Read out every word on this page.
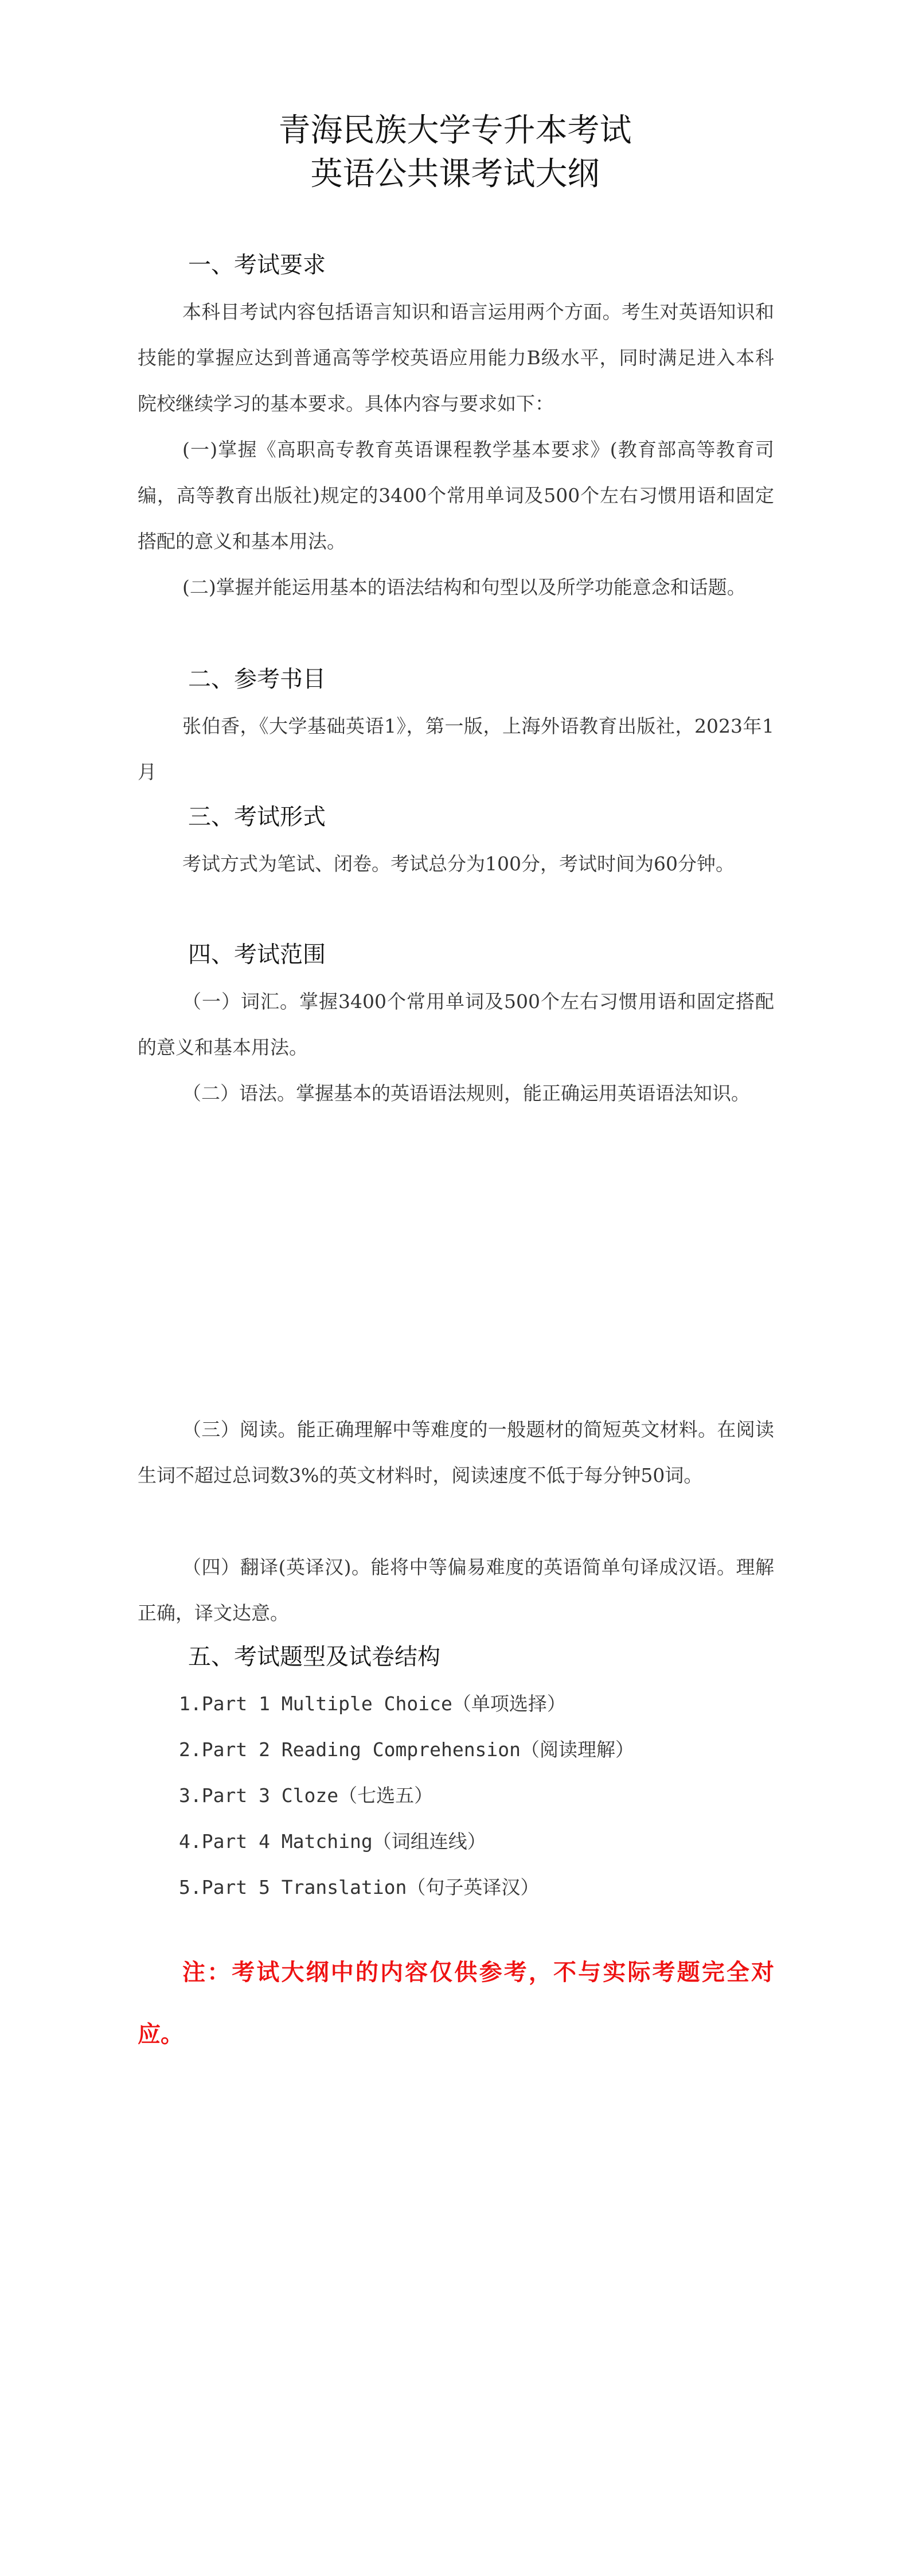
青海民族大学专升本考试
英语公共课考试大纲
一、考试要求

本科目考试内容包括语言知识和语言运用两个方面。考生对英语知识和技能的掌握应达到普通高等学校英语应用能力B级水平，同时满足进入本科院校继续学习的基本要求。具体内容与要求如下：

(一)掌握《高职高专教育英语课程教学基本要求》(教育部高等教育司编，高等教育出版社)规定的3400个常用单词及500个左右习惯用语和固定搭配的意义和基本用法。

(二)掌握并能运用基本的语法结构和句型以及所学功能意念和话题。

二、参考书目

张伯香，《大学基础英语1》，第一版，上海外语教育出版社，2023年1月

三、考试形式

考试方式为笔试、闭卷。考试总分为100分，考试时间为60分钟。

四、考试范围

（一）词汇。掌握3400个常用单词及500个左右习惯用语和固定搭配的意义和基本用法。

（二）语法。掌握基本的英语语法规则，能正确运用英语语法知识。

（三）阅读。能正确理解中等难度的一般题材的简短英文材料。在阅读生词不超过总词数3%的英文材料时，阅读速度不低于每分钟50词。

（四）翻译(英译汉)。能将中等偏易难度的英语简单句译成汉语。理解正确，译文达意。

五、考试题型及试卷结构
1.Part 1 Multiple Choice（单项选择）
2.Part 2 Reading Comprehension（阅读理解）
3.Part 3 Cloze（七选五）
4.Part 4 Matching（词组连线）
5.Part 5 Translation（句子英译汉）

注：考试大纲中的内容仅供参考，不与实际考题完全对应。
